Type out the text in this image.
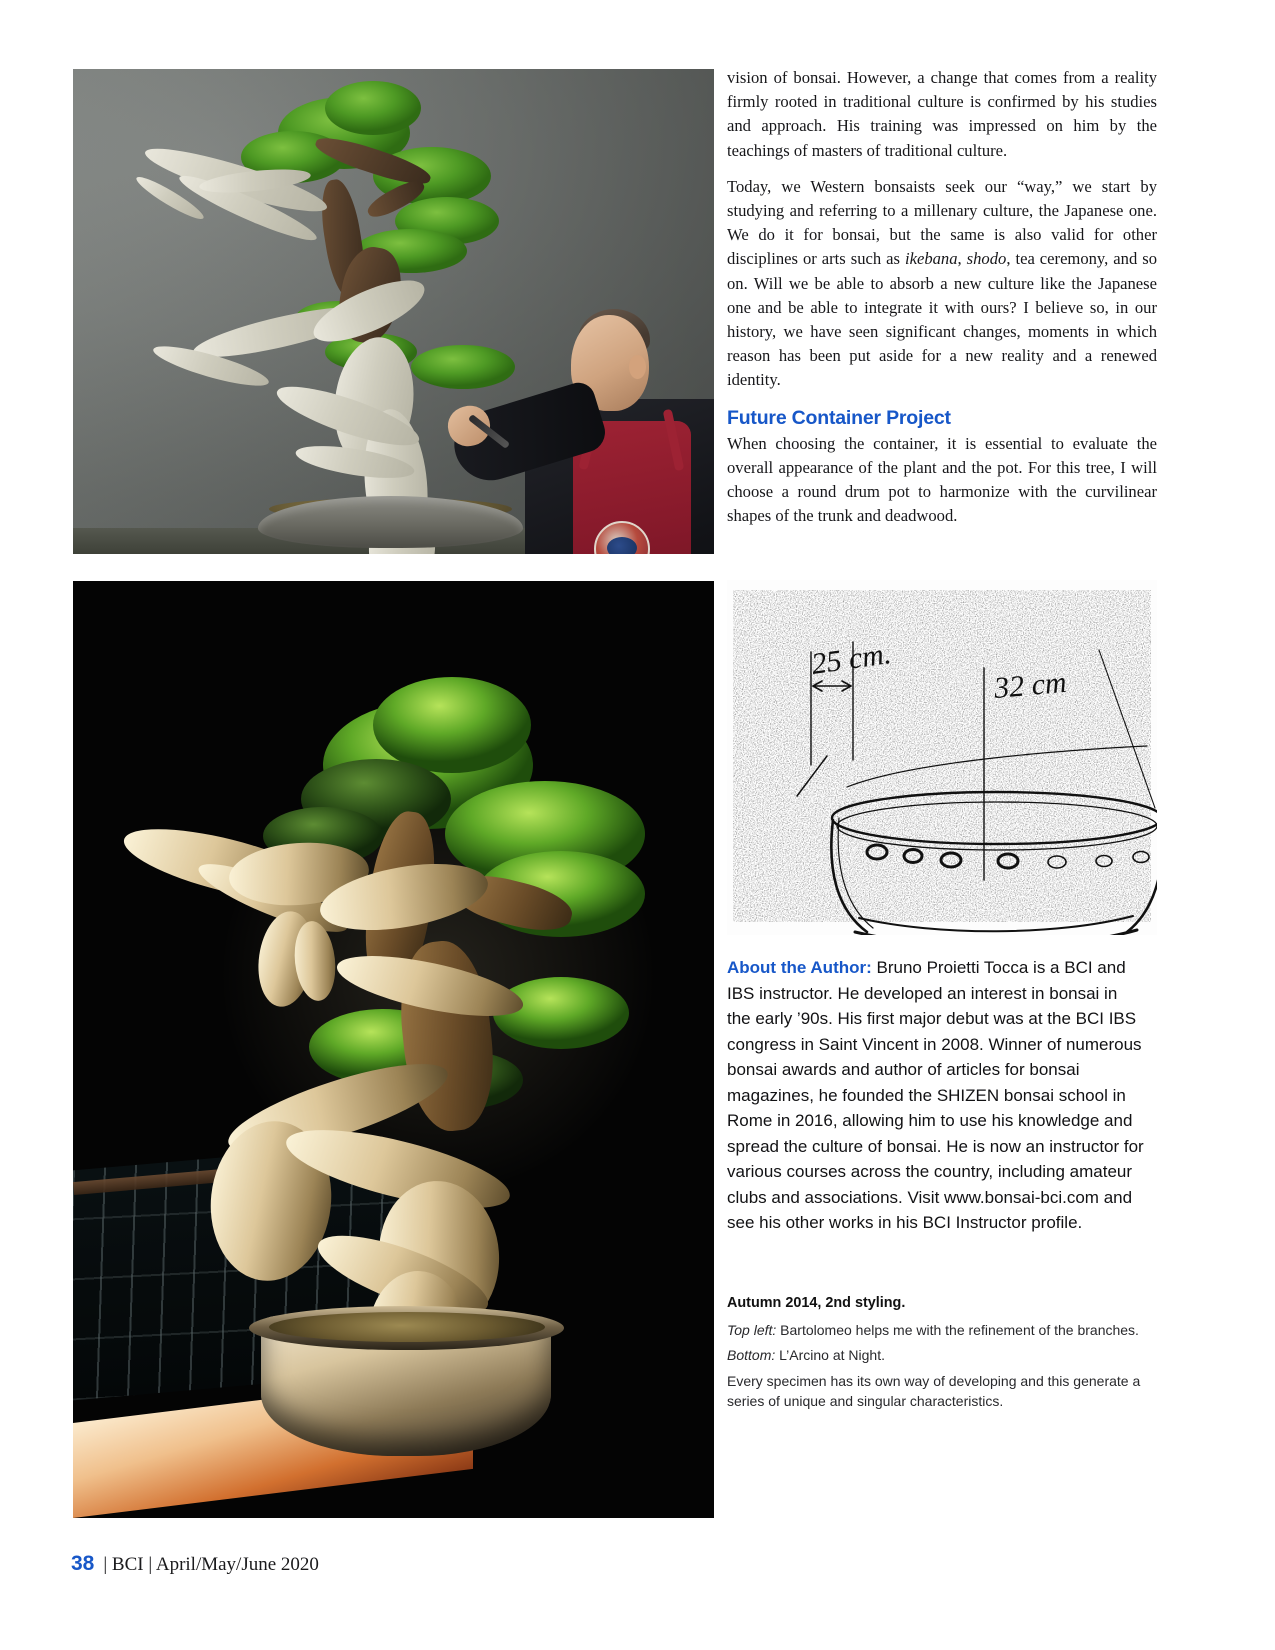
vision of bonsai. However, a change that comes from a reality firmly rooted in traditional culture is confirmed by his studies and approach. His training was impressed on him by the teachings of masters of traditional culture.

Today, we Western bonsaists seek our “way,” we start by studying and referring to a millenary culture, the Japanese one. We do it for bonsai, but the same is also valid for other disciplines or arts such as ikebana, shodo, tea ceremony, and so on. Will we be able to absorb a new culture like the Japanese one and be able to integrate it with ours? I believe so, in our history, we have seen significant changes, moments in which reason has been put aside for a new reality and a renewed identity.

Future Container Project

When choosing the container, it is essential to evaluate the overall appearance of the plant and the pot. For this tree, I will choose a round drum pot to harmonize with the curvilinear shapes of the trunk and deadwood.

25 cm.
32 cm
About the Author: Bruno Proietti Tocca is a BCI and IBS instructor. He developed an interest in bonsai in the early ’90s. His first major debut was at the BCI IBS congress in Saint Vincent in 2008. Winner of numerous bonsai awards and author of articles for bonsai magazines, he founded the SHIZEN bonsai school in Rome in 2016, allowing him to use his knowledge and spread the culture of bonsai. He is now an instructor for various courses across the country, including amateur clubs and associations. Visit www.bonsai-bci.com and see his other works in his BCI Instructor profile.
Autumn 2014, 2nd styling.
Top left: Bartolomeo helps me with the refinement of the branches.
Bottom: L’Arcino at Night.
Every specimen has its own way of developing and this generate a series of unique and singular characteristics.
38 | BCI | April/May/June 2020
